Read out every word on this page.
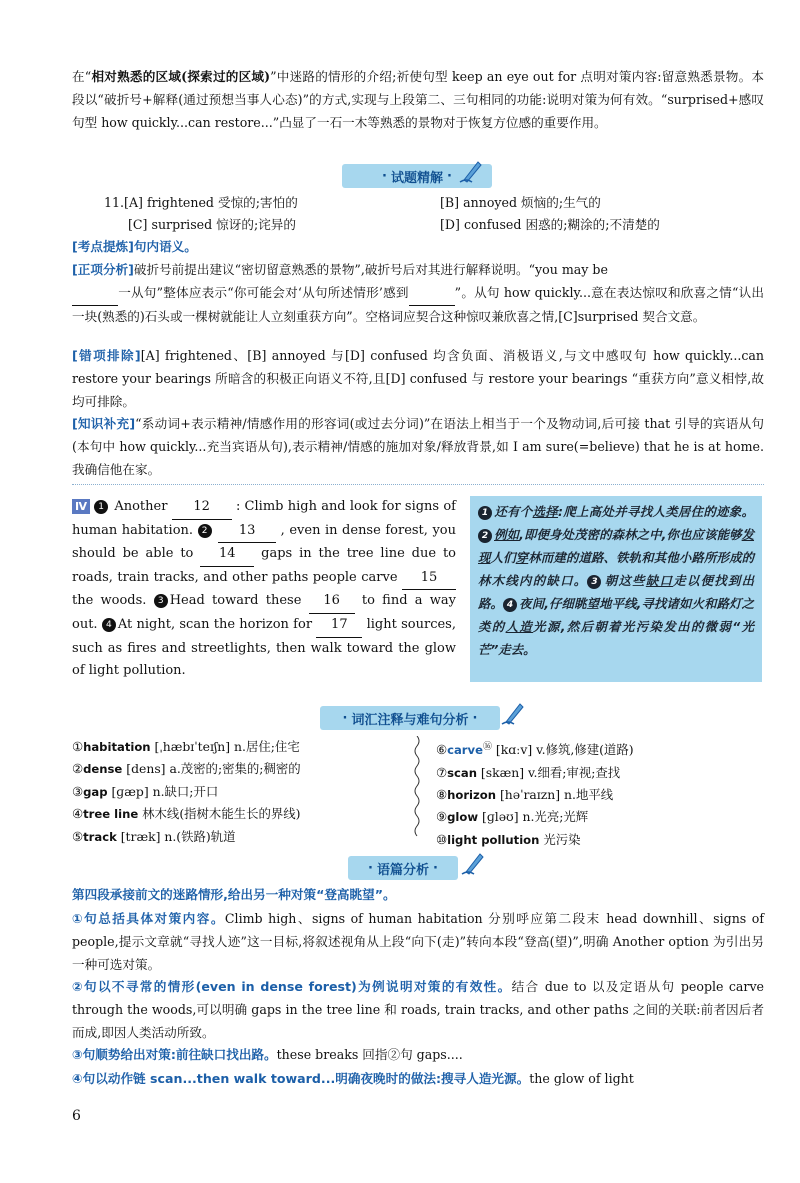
在“相对熟悉的区域(探索过的区域)”中迷路的情形的介绍;祈使句型 keep an eye out for 点明对策内容:留意熟悉景物。本段以“破折号+解释(通过预想当事人心态)”的方式,实现与上段第二、三句相同的功能:说明对策为何有效。“surprised+感叹句型 how quickly...can restore...”凸显了一石一木等熟悉的景物对于恢复方位感的重要作用。
· 试题精解 ·
11.[A] frightened 受惊的;害怕的	[B] annoyed 烦恼的;生气的
[C] surprised 惊讶的;诧异的	[D] confused 困惑的;糊涂的;不清楚的
[考点提炼]句内语义。
[正项分析]破折号前提出建议“密切留意熟悉的景物”,破折号后对其进行解释说明。“you may be
一从句”整体应表示“你可能会对‘从句所述情形’感到	”。从句 how quickly...意在表达惊叹和欣喜之情“认出一块(熟悉的)石头或一棵树就能让人立刻重获方向”。空格词应契合这种惊叹兼欣喜之情,[C]surprised 契合文意。
[错项排除][A] frightened、[B] annoyed 与[D] confused 均含负面、消极语义,与文中感叹句 how quickly...can restore your bearings 所暗含的积极正向语义不符,且[D] confused 与 restore your bearings “重获方向”意义相悖,故均可排除。
[知识补充]“系动词+表示精神/情感作用的形容词(或过去分词)”在语法上相当于一个及物动词,后可接 that 引导的宾语从句(本句中 how quickly...充当宾语从句),表示精神/情感的施加对象/释放背景,如 I am sure(=believe) that he is at home.我确信他在家。
Ⅳ 1 Another 12 : Climb high and look for signs of human habitation. 2 13 , even in dense forest, you should be able to 14 gaps in the tree line due to roads, train tracks, and other paths people carve 15 the woods. 3 Head toward these 16 to find a way out. 4 At night, scan the horizon for 17 light sources, such as fires and streetlights, then walk toward the glow of light pollution.
1 还有个选择:爬上高处并寻找人类居住的迹象。2 例如,即便身处茂密的森林之中,你也应该能够发现人们穿林而建的道路、铁轨和其他小路所形成的林木线内的缺口。 3 朝这些缺口走以便找到出路。 4 夜间,仔细眺望地平线,寻找诸如火和路灯之类的人造光源,然后朝着光污染发出的微弱“光芒”走去。
· 词汇注释与难句分析 ·
①habitation [ˌhæbɪˈteɪʃn] n.居住;住宅
②dense [dens] a.茂密的;密集的;稠密的
③gap [ɡæp] n.缺口;开口
④tree line 林木线(指树木能生长的界线)
⑤track [træk] n.(铁路)轨道
⑥carve⑯ [kɑːv] v.修筑,修建(道路)
⑦scan [skæn] v.细看;审视;查找
⑧horizon [həˈraɪzn] n.地平线
⑨glow [ɡləʊ] n.光亮;光辉
⑩light pollution 光污染
· 语篇分析 ·
第四段承接前文的迷路情形,给出另一种对策“登高眺望”。
①句总括具体对策内容。Climb high、signs of human habitation 分别呼应第二段末 head downhill、signs of people,提示文章就“寻找人迹”这一目标,将叙述视角从上段“向下(走)”转向本段“登高(望)”,明确 Another option 为引出另一种可选对策。
②句以不寻常的情形(even in dense forest)为例说明对策的有效性。结合 due to 以及定语从句 people carve through the woods,可以明确 gaps in the tree line 和 roads, train tracks, and other paths 之间的关联:前者因后者而成,即因人类活动所致。
③句顺势给出对策:前往缺口找出路。these breaks 回指②句 gaps....
④句以动作链 scan...then walk toward...明确夜晚时的做法:搜寻人造光源。the glow of light
6
